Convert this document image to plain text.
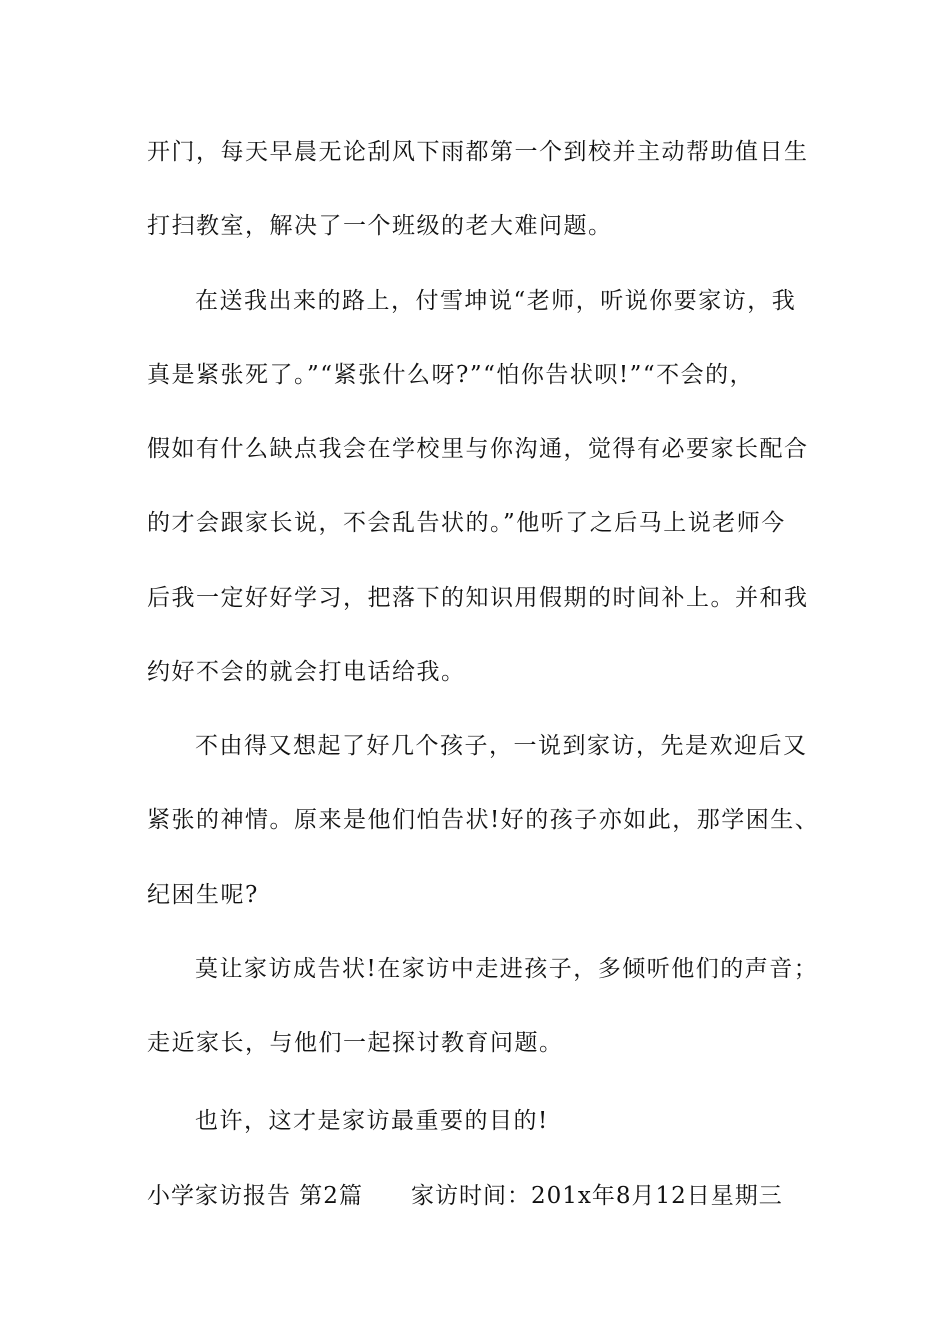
开门，每天早晨无论刮风下雨都第一个到校并主动帮助值日生
打扫教室，解决了一个班级的老大难问题。
在送我出来的路上，付雪坤说“老师，听说你要家访，我
真是紧张死了。”“紧张什么呀?”“怕你告状呗!”“不会的，
假如有什么缺点我会在学校里与你沟通，觉得有必要家长配合
的才会跟家长说，不会乱告状的。”他听了之后马上说老师今
后我一定好好学习，把落下的知识用假期的时间补上。并和我
约好不会的就会打电话给我。
不由得又想起了好几个孩子，一说到家访，先是欢迎后又
紧张的神情。原来是他们怕告状!好的孩子亦如此，那学困生、
纪困生呢?
莫让家访成告状!在家访中走进孩子，多倾听他们的声音；
走近家长，与他们一起探讨教育问题。
也许，这才是家访最重要的目的!
小学家访报告 第2篇 家访时间：201x年8月12日星期三
